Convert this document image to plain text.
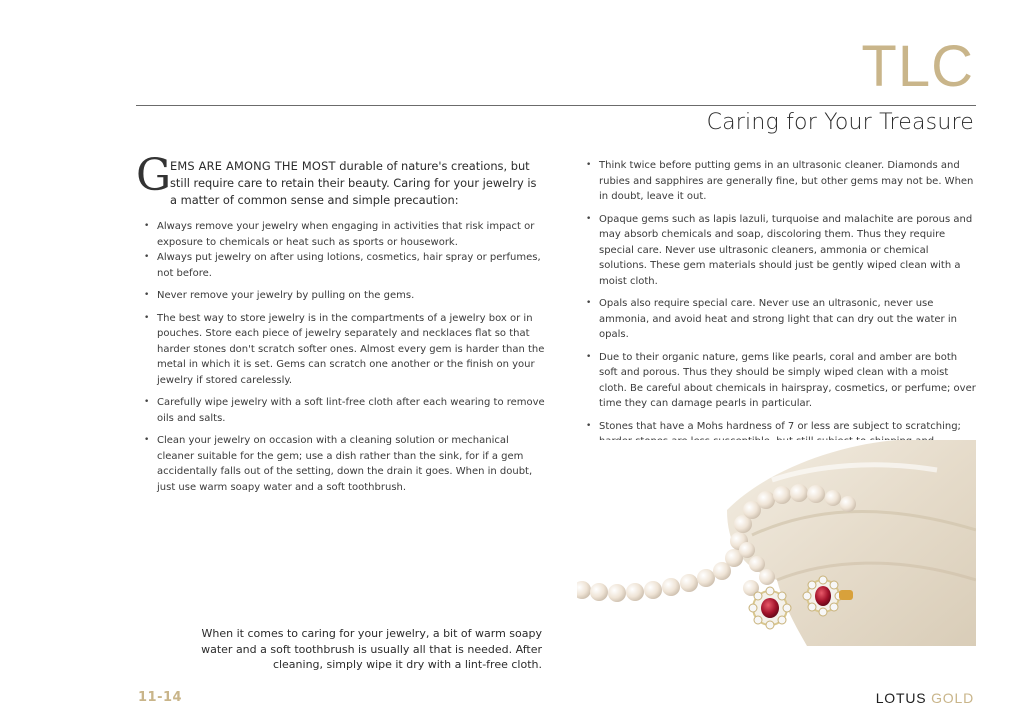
TLC
Caring for Your Treasure

G
EMS ARE AMONG THE MOST durable of nature's creations, but still require care to retain their beauty. Caring for your jewelry is a matter of common sense and simple precaution:

• Always remove your jewelry when engaging in activities that risk impact or exposure to chemicals or heat such as sports or housework.
• Always put jewelry on after using lotions, cosmetics, hair spray or perfumes, not before.
• Never remove your jewelry by pulling on the gems.
• The best way to store jewelry is in the compartments of a jewelry box or in pouches. Store each piece of jewelry separately and necklaces flat so that harder stones don't scratch softer ones. Almost every gem is harder than the metal in which it is set. Gems can scratch one another or the finish on your jewelry if stored carelessly.
• Carefully wipe jewelry with a soft lint-free cloth after each wearing to remove oils and salts.
• Clean your jewelry on occasion with a cleaning solution or mechanical cleaner suitable for the gem; use a dish rather than the sink, for if a gem accidentally falls out of the setting, down the drain it goes. When in doubt, just use warm soapy water and a soft toothbrush.
• Think twice before putting gems in an ultrasonic cleaner. Diamonds and rubies and sapphires are generally fine, but other gems may not be. When in doubt, leave it out.
• Opaque gems such as lapis lazuli, turquoise and malachite are porous and may absorb chemicals and soap, discoloring them. Thus they require special care. Never use ultrasonic cleaners, ammonia or chemical solutions. These gem materials should just be gently wiped clean with a moist cloth.
• Opals also require special care. Never use an ultrasonic, never use ammonia, and avoid heat and strong light that can dry out the water in opals.
• Due to their organic nature, gems like pearls, coral and amber are both soft and porous. Thus they should be simply wiped clean with a moist cloth. Be careful about chemicals in hairspray, cosmetics, or perfume; over time they can damage pearls in particular.
• Stones that have a Mohs hardness of 7 or less are subject to scratching;

When it comes to caring for your jewelry, a bit of warm soapy water and a soft toothbrush is usually all that is needed. After cleaning, simply wipe it dry with a lint-free cloth.

11-14	LOTUS GOLD
